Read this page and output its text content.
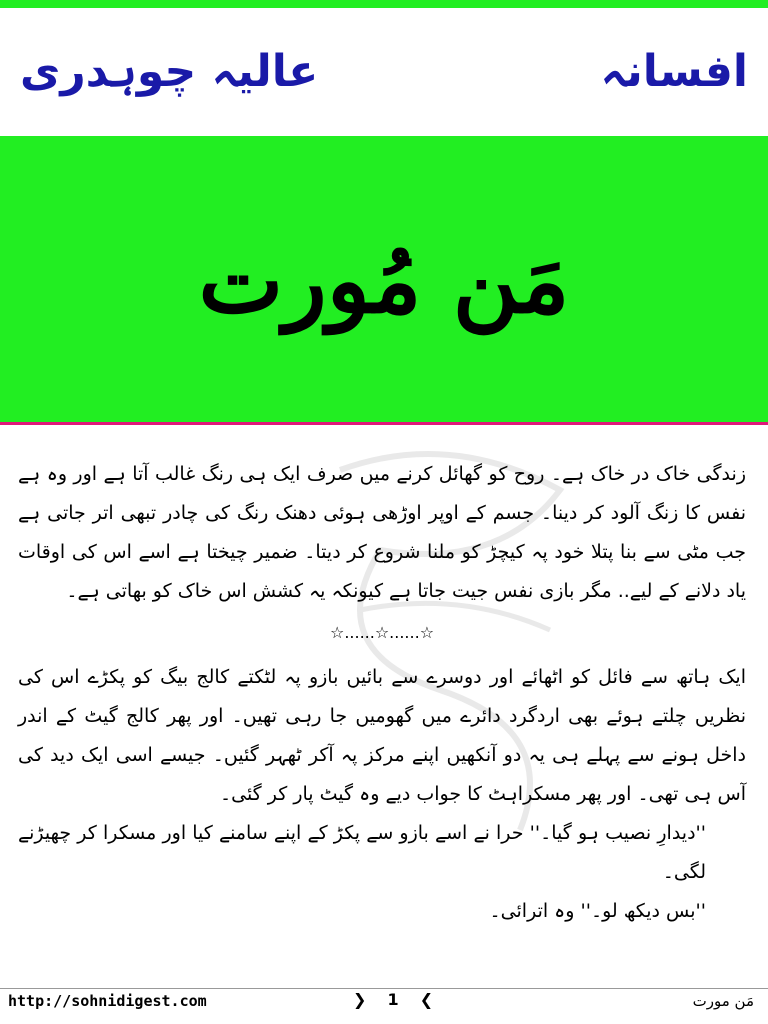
افسانہ
عالیہ چوہدری
مَن مُورت

زندگی خاک در خاک ہے۔ روح کو گھائل کرنے میں صرف ایک ہی رنگ غالب آتا ہے اور وہ ہے نفس کا زنگ آلود کر دینا۔ جسم کے اوپر اوڑھی ہوئی دھنک رنگ کی چادر تبھی اتر جاتی ہے جب مٹی سے بنا پتلا خود پہ کیچڑ کو ملنا شروع کر دیتا۔ ضمیر چیختا ہے اسے اس کی اوقات یاد دلانے کے لیے.. مگر بازی نفس جیت جاتا ہے کیونکہ یہ کشش اس خاک کو بھاتی ہے۔

☆......☆......☆

ایک ہاتھ سے فائل کو اٹھائے اور دوسرے سے بائیں بازو پہ لٹکتے کالج بیگ کو پکڑے اس کی نظریں چلتے ہوئے بھی اردگرد دائرے میں گھومیں جا رہی تھیں۔ اور پھر کالج گیٹ کے اندر داخل ہونے سے پہلے ہی یہ دو آنکھیں اپنے مرکز پہ آکر ٹھہر گئیں۔ جیسے اسی ایک دید کی آس ہی تھی۔ اور پھر مسکراہٹ کا جواب دیے وہ گیٹ پار کر گئی۔

''دیدارِ نصیب ہو گیا۔'' حرا نے اسے بازو سے پکڑ کے اپنے سامنے کیا اور مسکرا کر چھیڑنے لگی۔

''بس دیکھ لو۔'' وہ اترائی۔

http://sohnidigest.com	❯ 1 ❮	مَن مورت
